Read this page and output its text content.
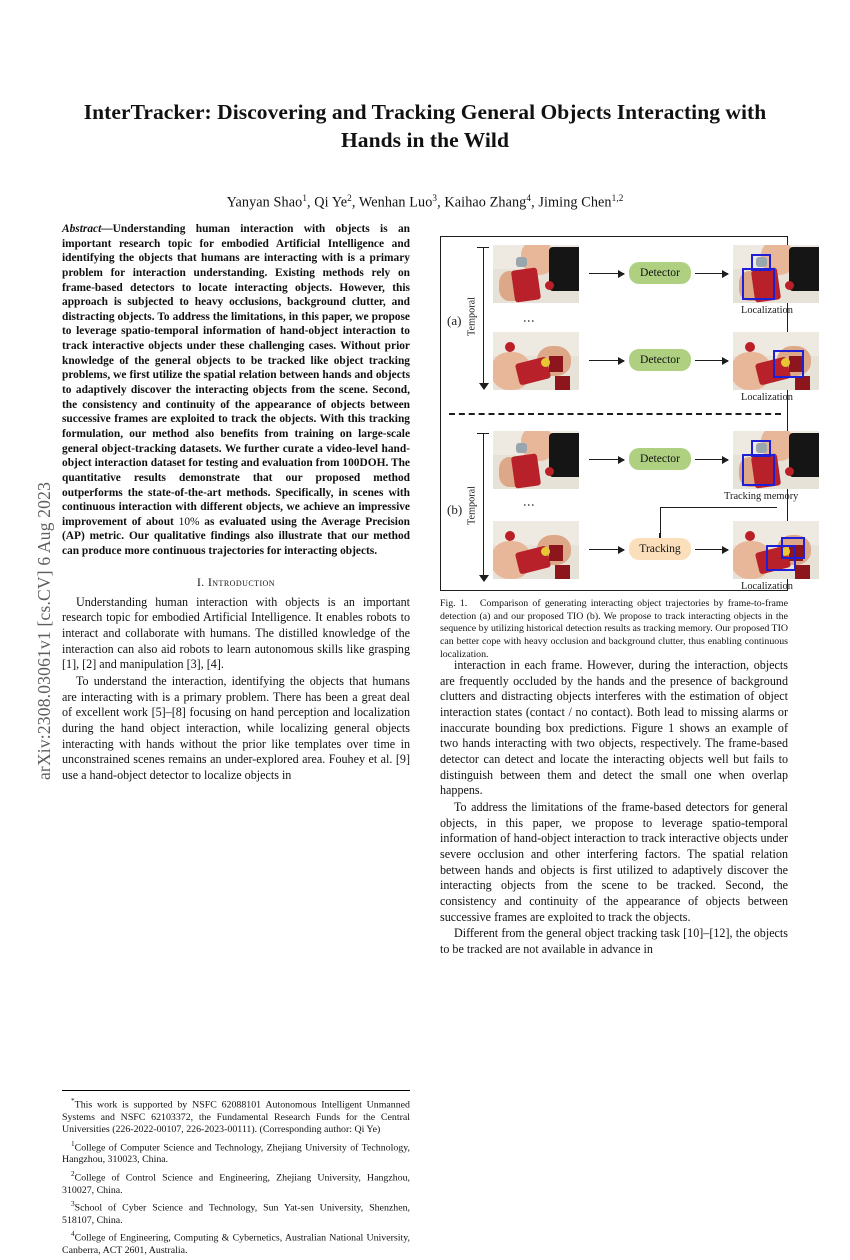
arXiv:2308.03061v1 [cs.CV] 6 Aug 2023
InterTracker: Discovering and Tracking General Objects Interacting with Hands in the Wild
Yanyan Shao$^1$, Qi Ye$^2$, Wenhan Luo$^3$, Kaihao Zhang$^4$, Jiming Chen$^{1,2}$

Abstract—Understanding human interaction with objects is an important research topic for embodied Artificial Intelligence and identifying the objects that humans are interacting with is a primary problem for interaction understanding. Existing methods rely on frame-based detectors to locate interacting objects. However, this approach is subjected to heavy occlusions, background clutter, and distracting objects. To address the limitations, in this paper, we propose to leverage spatio-temporal information of hand-object interaction to track interactive objects under these challenging cases. Without prior knowledge of the general objects to be tracked like object tracking problems, we first utilize the spatial relation between hands and objects to adaptively discover the interacting objects from the scene. Second, the consistency and continuity of the appearance of objects between successive frames are exploited to track the objects. With this tracking formulation, our method also benefits from training on large-scale general object-tracking datasets. We further curate a video-level hand-object interaction dataset for testing and evaluation from 100DOH. The quantitative results demonstrate that our proposed method outperforms the state-of-the-art methods. Specifically, in scenes with continuous interaction with different objects, we achieve an impressive improvement of about 10% as evaluated using the Average Precision (AP) metric. Our qualitative findings also illustrate that our method can produce more continuous trajectories for interacting objects.

I. Introduction

Understanding human interaction with objects is an important research topic for embodied Artificial Intelligence. It enables robots to interact and collaborate with humans. The distilled knowledge of the interaction can also aid robots to learn autonomous skills like grasping [1], [2] and manipulation [3], [4].

To understand the interaction, identifying the objects that humans are interacting with is a primary problem. There has been a great deal of excellent work [5]–[8] focusing on hand perception and localization during the hand object interaction, while localizing general objects interacting with hands without the prior like templates over time in unconstrained scenes remains an under-explored area. Fouhey et al. [9] use a hand-object detector to localize objects in

*This work is supported by NSFC 62088101 Autonomous Intelligent Unmanned Systems and NSFC 62103372, the Fundamental Research Funds for the Central Universities (226-2022-00107, 226-2023-00111). (Corresponding author: Qi Ye)

$^1$College of Computer Science and Technology, Zhejiang University of Technology, Hangzhou, 310023, China.

$^2$College of Control Science and Engineering, Zhejiang University, Hangzhou, 310027, China.

$^3$School of Cyber Science and Technology, Sun Yat-sen University, Shenzhen, 518107, China.

$^4$College of Engineering, Computing & Cybernetics, Australian National University, Canberra, ACT 2601, Australia.

interaction in each frame. However, during the interaction, objects are frequently occluded by the hands and the presence of background clutters and distracting objects interferes with the estimation of object interaction states (contact / no contact). Both lead to missing alarms or inaccurate bounding box predictions. Figure 1 shows an example of two hands interacting with two objects, respectively. The frame-based detector can detect and locate the interacting objects well but fails to distinguish between them and detect the small one when overlap happens.

To address the limitations of the frame-based detectors for general objects, in this paper, we propose to leverage spatio-temporal information of hand-object interaction to track interactive objects under severe occlusion and other interfering factors. The spatial relation between hands and objects is first utilized to adaptively discover the interacting objects from the scene to be tracked. Second, the consistency and continuity of the appearance of objects between successive frames are exploited to track the objects.

Different from the general object tracking task [10]–[12], the objects to be tracked are not available in advance in

(a) Temporal
Detector
Localization
⋮
Detector
Localization
(b) Temporal
Detector
Tracking memory
⋮
Tracking
Localization
Fig. 1. Comparison of generating interacting object trajectories by frame-to-frame detection (a) and our proposed TIO (b). We propose to track interacting objects in the sequence by utilizing historical detection results as tracking memory. Our proposed TIO can better cope with heavy occlusion and background clutter, thus enabling continuous localization.
